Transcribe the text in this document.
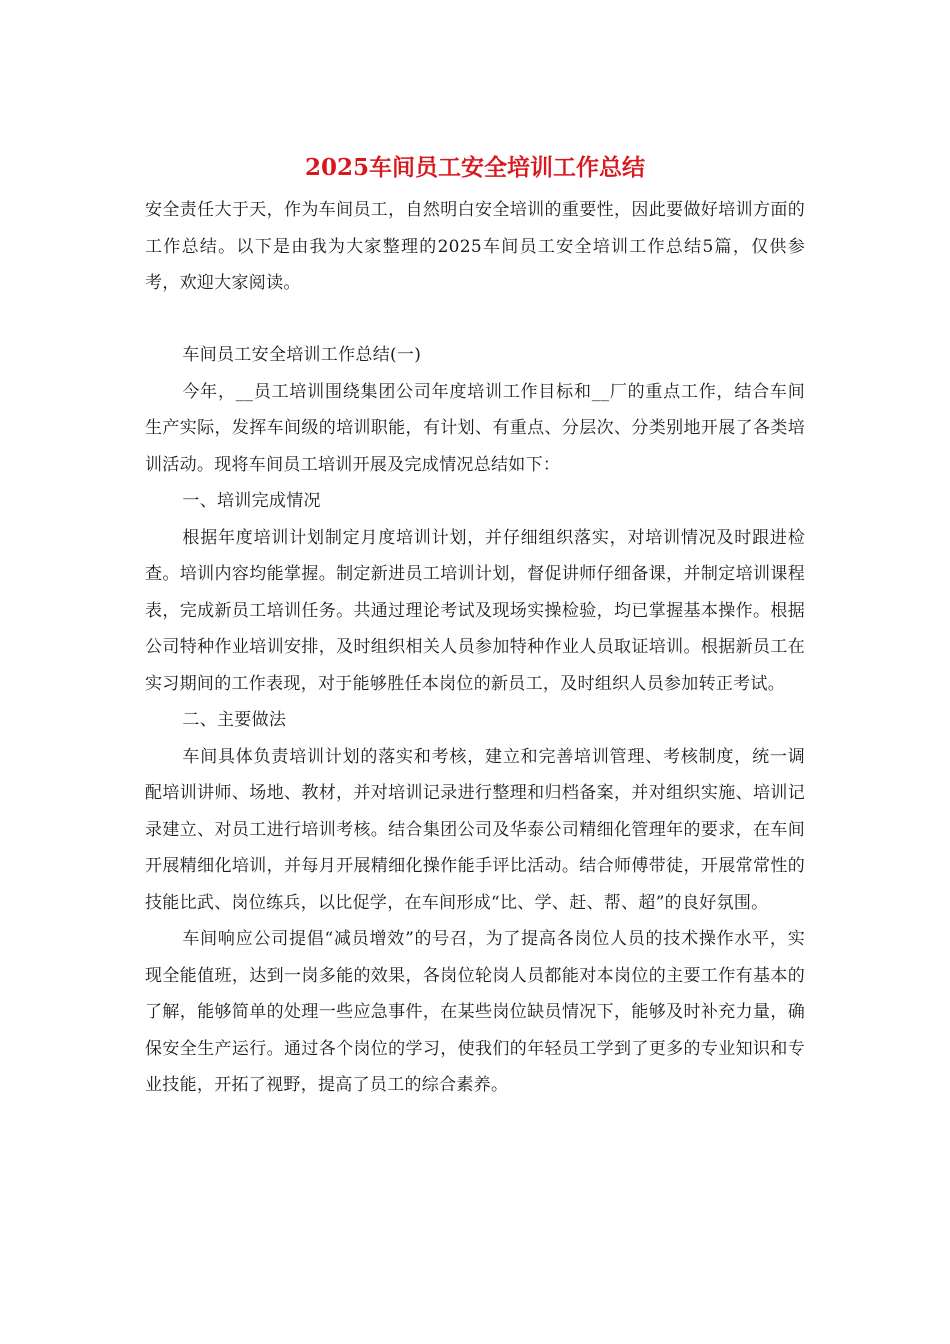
2025车间员工安全培训工作总结

安全责任大于天，作为车间员工，自然明白安全培训的重要性，因此要做好培训方面的工作总结。以下是由我为大家整理的2025车间员工安全培训工作总结5篇，仅供参考，欢迎大家阅读。

车间员工安全培训工作总结(一)

今年，__员工培训围绕集团公司年度培训工作目标和__厂的重点工作，结合车间生产实际，发挥车间级的培训职能，有计划、有重点、分层次、分类别地开展了各类培训活动。现将车间员工培训开展及完成情况总结如下：

一、培训完成情况

根据年度培训计划制定月度培训计划，并仔细组织落实，对培训情况及时跟进检查。培训内容均能掌握。制定新进员工培训计划，督促讲师仔细备课，并制定培训课程表，完成新员工培训任务。共通过理论考试及现场实操检验，均已掌握基本操作。根据公司特种作业培训安排，及时组织相关人员参加特种作业人员取证培训。根据新员工在实习期间的工作表现，对于能够胜任本岗位的新员工，及时组织人员参加转正考试。

二、主要做法

车间具体负责培训计划的落实和考核，建立和完善培训管理、考核制度，统一调配培训讲师、场地、教材，并对培训记录进行整理和归档备案，并对组织实施、培训记录建立、对员工进行培训考核。结合集团公司及华泰公司精细化管理年的要求，在车间开展精细化培训，并每月开展精细化操作能手评比活动。结合师傅带徒，开展常常性的技能比武、岗位练兵，以比促学，在车间形成“比、学、赶、帮、超”的良好氛围。

车间响应公司提倡“减员增效”的号召，为了提高各岗位人员的技术操作水平，实现全能值班，达到一岗多能的效果，各岗位轮岗人员都能对本岗位的主要工作有基本的了解，能够简单的处理一些应急事件，在某些岗位缺员情况下，能够及时补充力量，确保安全生产运行。通过各个岗位的学习，使我们的年轻员工学到了更多的专业知识和专业技能，开拓了视野，提高了员工的综合素养。
